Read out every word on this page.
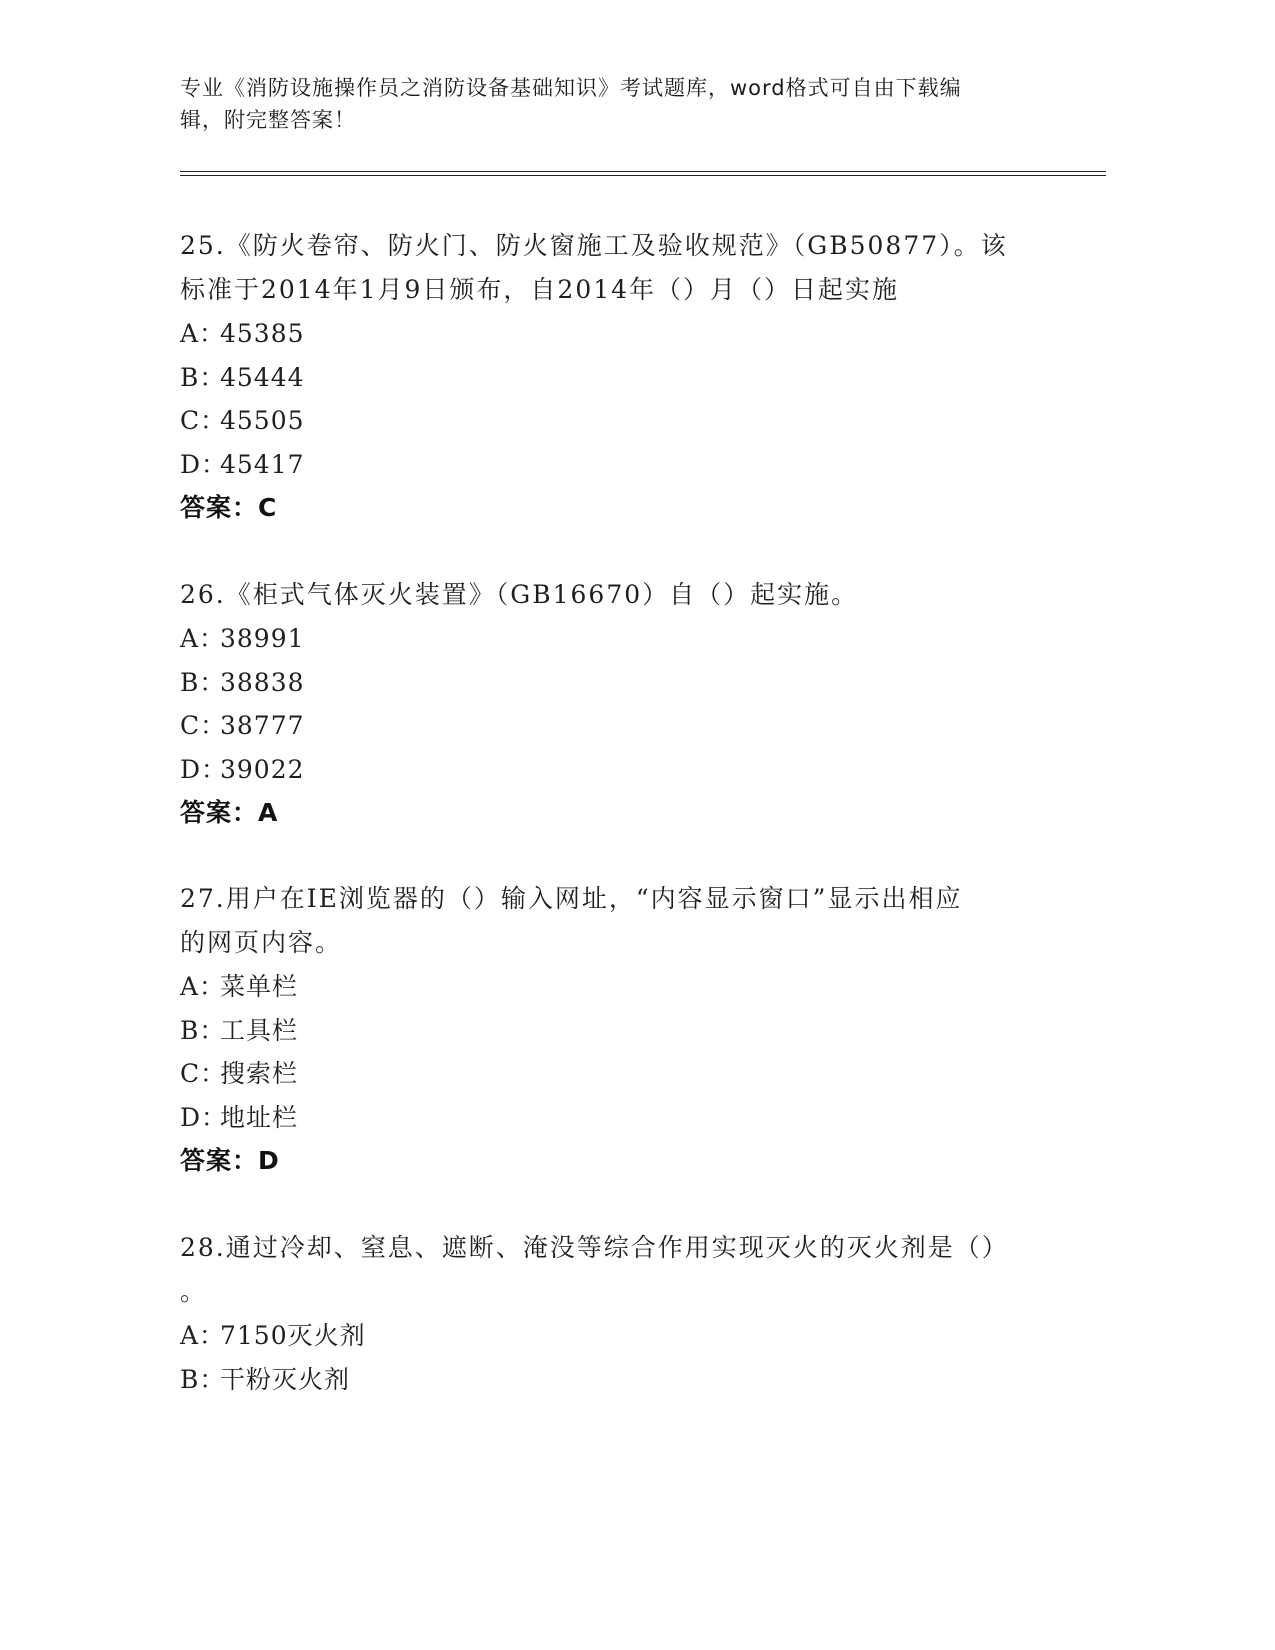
专业《消防设施操作员之消防设备基础知识》考试题库，word格式可自由下载编
辑，附完整答案！
25.《防火卷帘、防火门、防火窗施工及验收规范》（GB50877）。该
标准于2014年1月9日颁布，自2014年（）月（）日起实施
A：
45385
B：
45444
C：
45505
D：
45417
答案：C
26.《柜式气体灭火装置》（GB16670）自（）起实施。
A：
38991
B：
38838
C：
38777
D：
39022
答案：A
27.用户在IE浏览器的（）输入网址，“内容显示窗口”显示出相应
的网页内容。
A：
菜单栏
B：
工具栏
C：
搜索栏
D：
地址栏
答案：D
28.通过冷却、窒息、遮断、淹没等综合作用实现灭火的灭火剂是（）
。
A：
7150灭火剂
B：
干粉灭火剂
